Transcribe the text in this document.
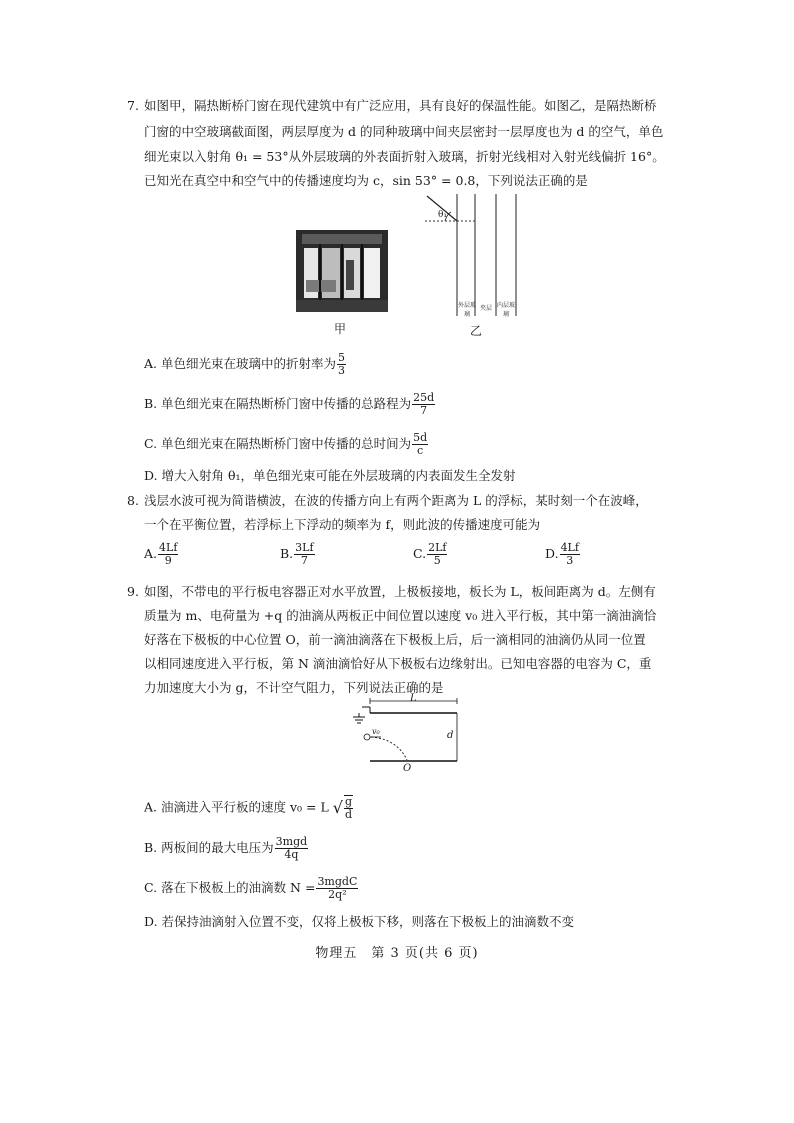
7. 如图甲，隔热断桥门窗在现代建筑中有广泛应用，具有良好的保温性能。如图乙，是隔热断桥
门窗的中空玻璃截面图，两层厚度为 d 的同种玻璃中间夹层密封一层厚度也为 d 的空气，单色
细光束以入射角 θ₁ = 53°从外层玻璃的外表面折射入玻璃，折射光线相对入射光线偏折 16°。
已知光在真空中和空气中的传播速度均为 c，sin 53° = 0.8，下列说法正确的是
甲
θ₁
外层玻璃
夹层 内层玻璃
乙
A. 单色细光束在玻璃中的折射率为 $\frac{5}{3}$
B. 单色细光束在隔热断桥门窗中传播的总路程为 $\frac{25d}{7}$
C. 单色细光束在隔热断桥门窗中传播的总时间为 $\frac{5d}{c}$
D. 增大入射角 θ₁，单色细光束可能在外层玻璃的内表面发生全发射
8. 浅层水波可视为简谐横波，在波的传播方向上有两个距离为 L 的浮标，某时刻一个在波峰，
一个在平衡位置，若浮标上下浮动的频率为 f，则此波的传播速度可能为
A. $\frac{4Lf}{9}$	B. $\frac{3Lf}{7}$	C. $\frac{2Lf}{5}$	D. $\frac{4Lf}{3}$
9. 如图，不带电的平行板电容器正对水平放置，上极板接地，板长为 L，板间距离为 d。左侧有
质量为 m、电荷量为 +q 的油滴从两板正中间位置以速度 v₀ 进入平行板，其中第一滴油滴恰
好落在下极板的中心位置 O，前一滴油滴落在下极板上后，后一滴相同的油滴仍从同一位置
以相同速度进入平行板，第 N 滴油滴恰好从下极板右边缘射出。已知电容器的电容为 C，重
力加速度大小为 g，不计空气阻力，下列说法正确的是
L
d
O
v₀
A. 油滴进入平行板的速度 v₀ = L √ $\frac{g}{d}$
B. 两板间的最大电压为 $\frac{\text{3mgd}}{4q}$
C. 落在下极板上的油滴数 $N = \frac{\text{3mgdC}}{\text{2q²}}$
D. 若保持油滴射入位置不变，仅将上极板下移，则落在下极板上的油滴数不变
物理五　第 3 页(共 6 页)
